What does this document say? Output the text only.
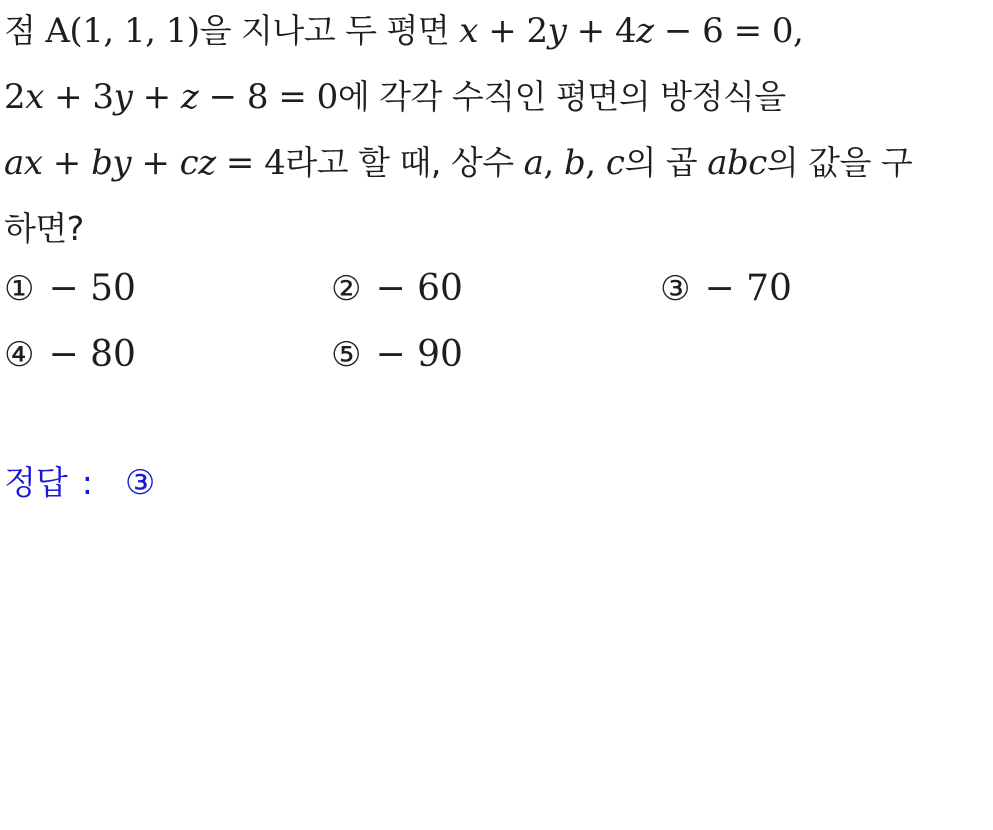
점 A(1, 1, 1)을 지나고 두 평면 x + 2y + 4z − 6 = 0,
2x + 3y + z − 8 = 0에 각각 수직인 평면의 방정식을
ax + by + cz = 4라고 할 때, 상수 a, b, c의 곱 abc의 값을 구
하면?
① − 50	② − 60	③ − 70
④ − 80	⑤ − 90
정답 : ③
